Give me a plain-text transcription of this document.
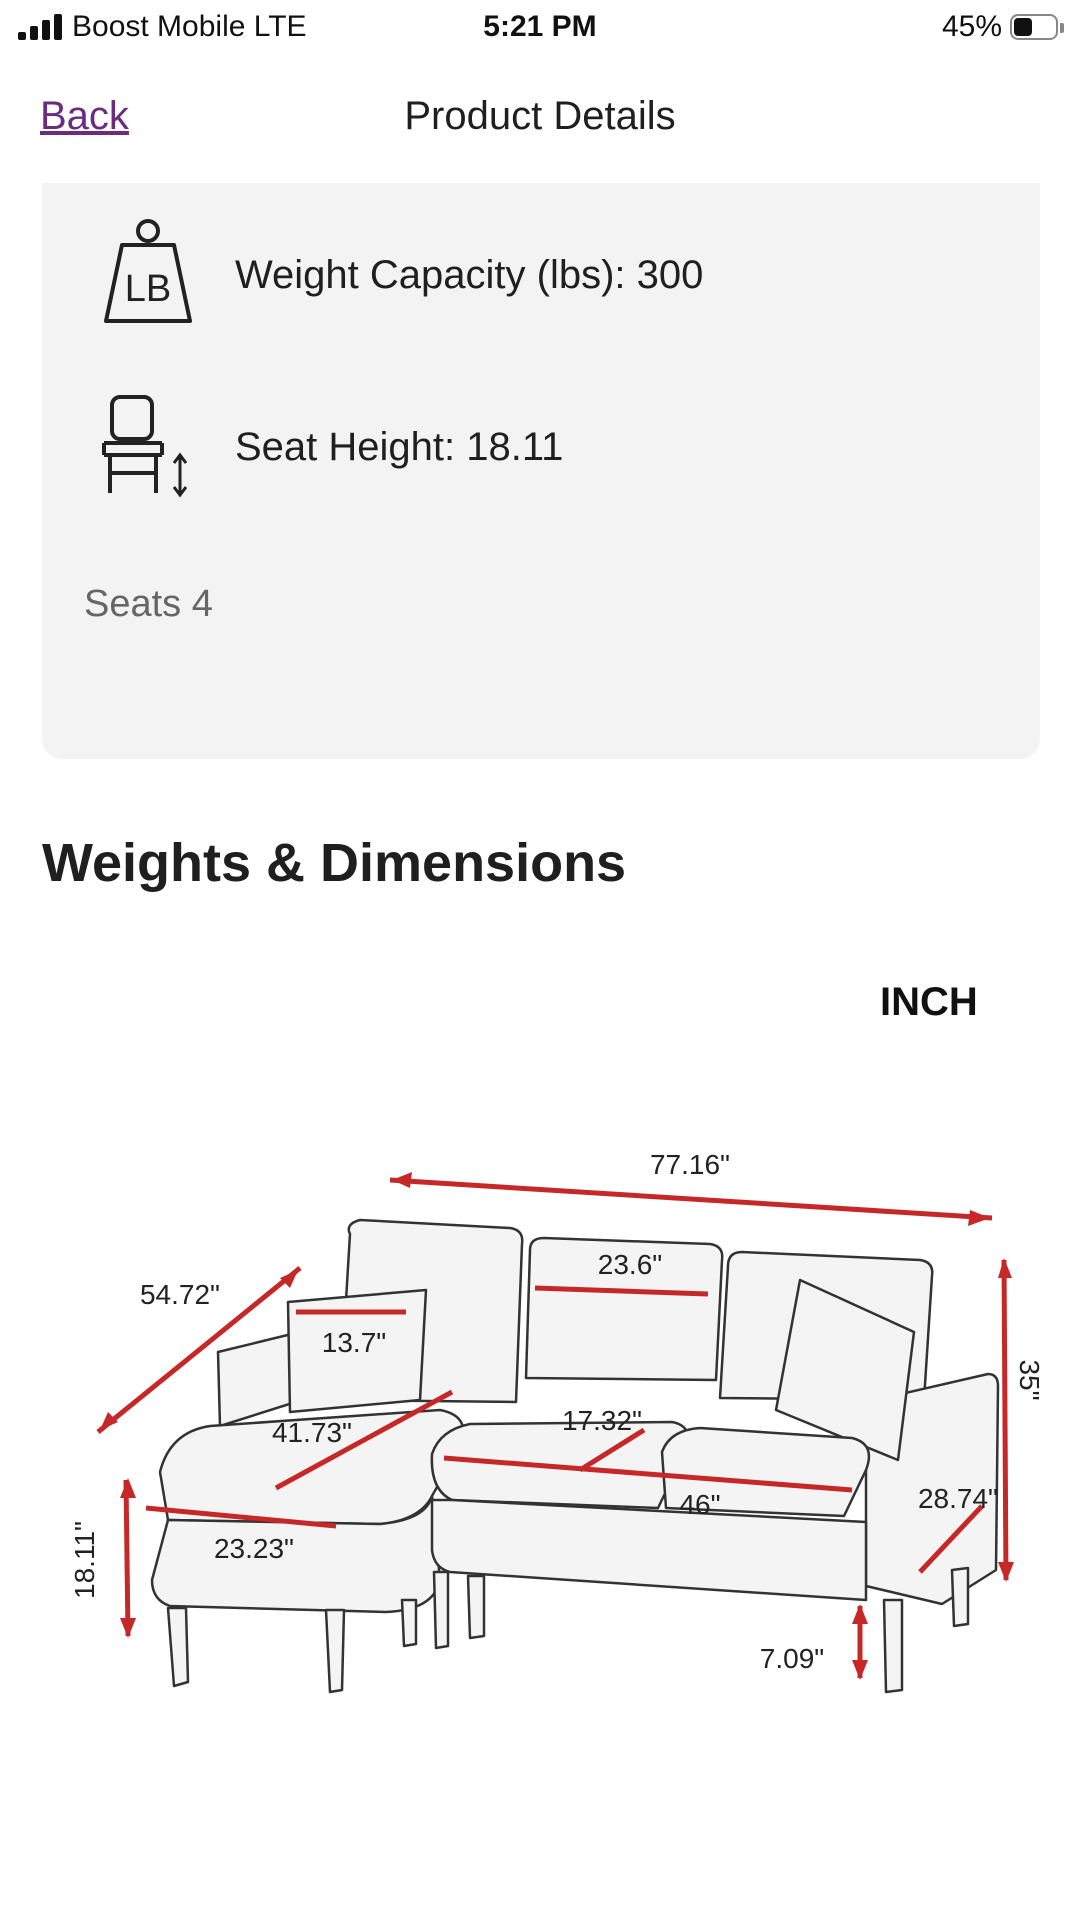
Boost Mobile LTE	5:21 PM	45%
Back	Product Details
LB Weight Capacity (lbs): 300
Seat Height: 18.11
Seats 4
Weights & Dimensions
INCH
77.16"
54.72"
23.6"
13.7"
35"
41.73"	17.32"
46"	28.74"
23.23"
18.11"
7.09"
